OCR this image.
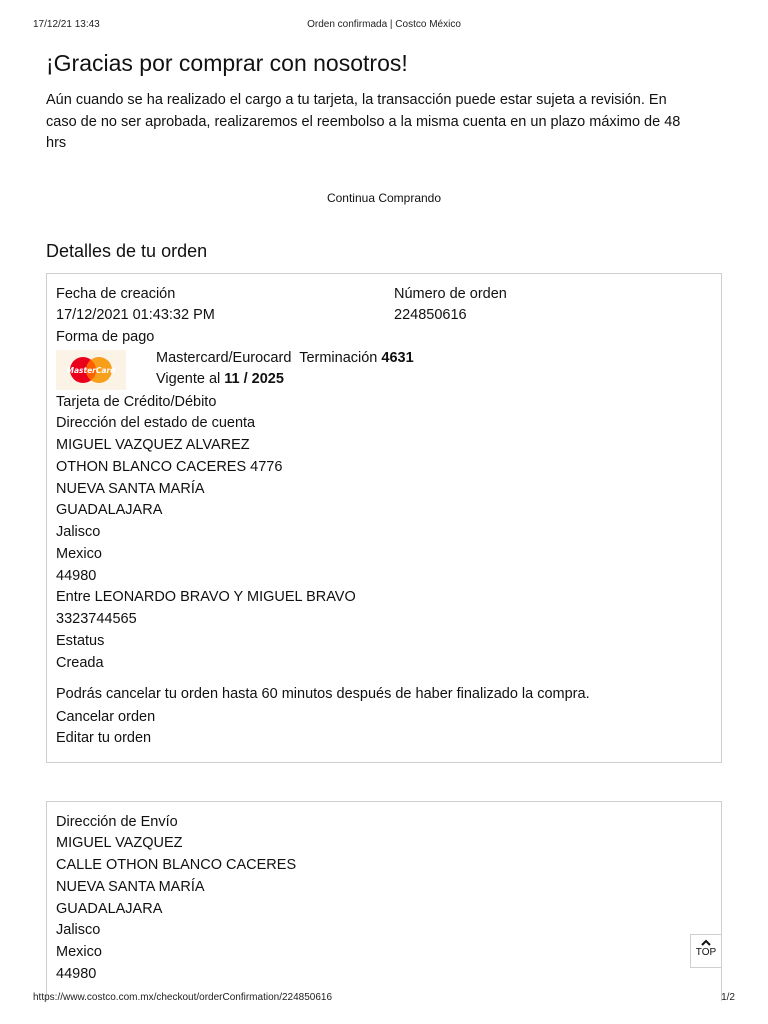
17/12/21 13:43	Orden confirmada | Costco México
¡Gracias por comprar con nosotros!

Aún cuando se ha realizado el cargo a tu tarjeta, la transacción puede estar sujeta a revisión. En
caso de no ser aprobada, realizaremos el reembolso a la misma cuenta en un plazo máximo de 48
hrs

Continua Comprando
Detalles de tu orden
Fecha de creación	Número de orden
17/12/2021 01:43:32 PM	224850616
Forma de pago
MasterCard
Mastercard/Eurocard Terminación 4631
Vigente al 11 / 2025
Tarjeta de Crédito/Débito
Dirección del estado de cuenta
MIGUEL VAZQUEZ ALVAREZ
OTHON BLANCO CACERES 4776
NUEVA SANTA MARÍA
GUADALAJARA
Jalisco
Mexico
44980
Entre LEONARDO BRAVO Y MIGUEL BRAVO
3323744565
Estatus
Creada
Podrás cancelar tu orden hasta 60 minutos después de haber finalizado la compra.
Cancelar orden
Editar tu orden
Dirección de Envío
MIGUEL VAZQUEZ
CALLE OTHON BLANCO CACERES
NUEVA SANTA MARÍA
GUADALAJARA
Jalisco
Mexico
44980
TOP
https://www.costco.com.mx/checkout/orderConfirmation/224850616	1/2
